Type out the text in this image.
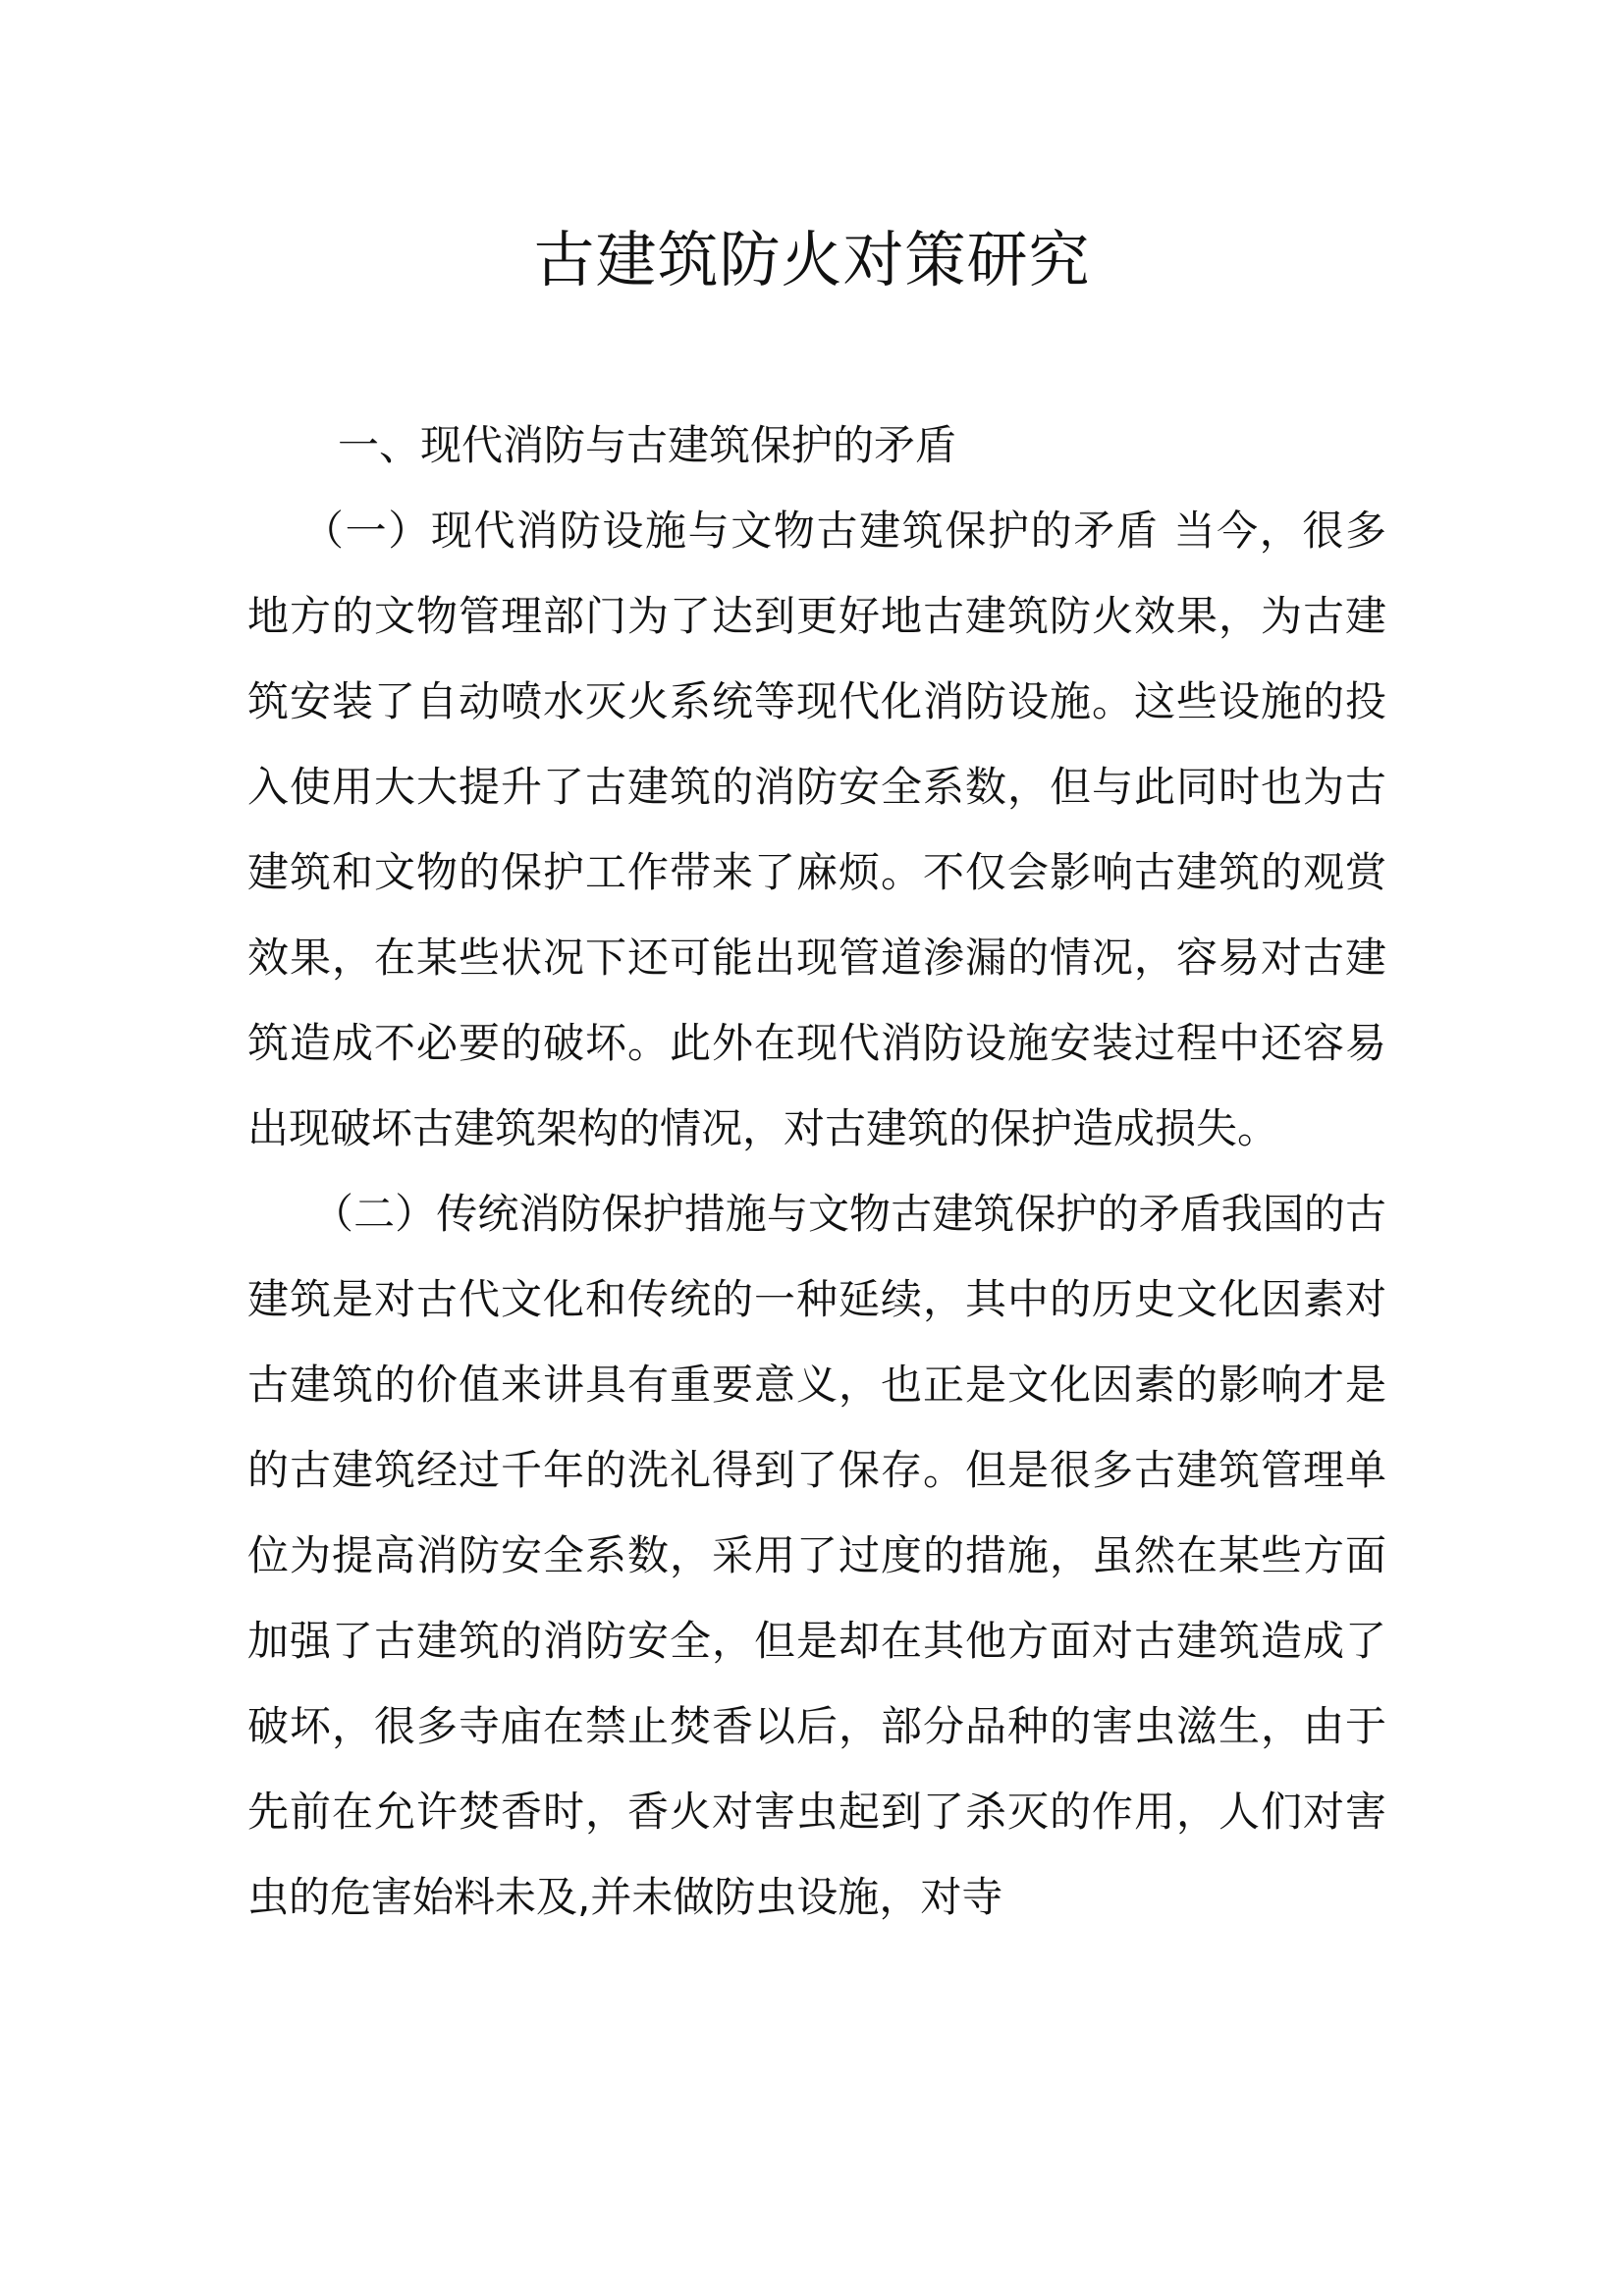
古建筑防火对策研究
一、现代消防与古建筑保护的矛盾

（一）现代消防设施与文物古建筑保护的矛盾 当今，很多地方的文物管理部门为了达到更好地古建筑防火效果，为古建筑安装了自动喷水灭火系统等现代化消防设施。这些设施的投入使用大大提升了古建筑的消防安全系数，但与此同时也为古建筑和文物的保护工作带来了麻烦。不仅会影响古建筑的观赏效果，在某些状况下还可能出现管道渗漏的情况，容易对古建筑造成不必要的破坏。此外在现代消防设施安装过程中还容易出现破坏古建筑架构的情况，对古建筑的保护造成损失。

（二）传统消防保护措施与文物古建筑保护的矛盾我国的古建筑是对古代文化和传统的一种延续，其中的历史文化因素对古建筑的价值来讲具有重要意义，也正是文化因素的影响才是的古建筑经过千年的洗礼得到了保存。但是很多古建筑管理单位为提高消防安全系数，采用了过度的措施，虽然在某些方面加强了古建筑的消防安全，但是却在其他方面对古建筑造成了破坏，很多寺庙在禁止焚香以后，部分品种的害虫滋生，由于先前在允许焚香时，香火对害虫起到了杀灭的作用，人们对害虫的危害始料未及,并未做防虫设施，对寺
